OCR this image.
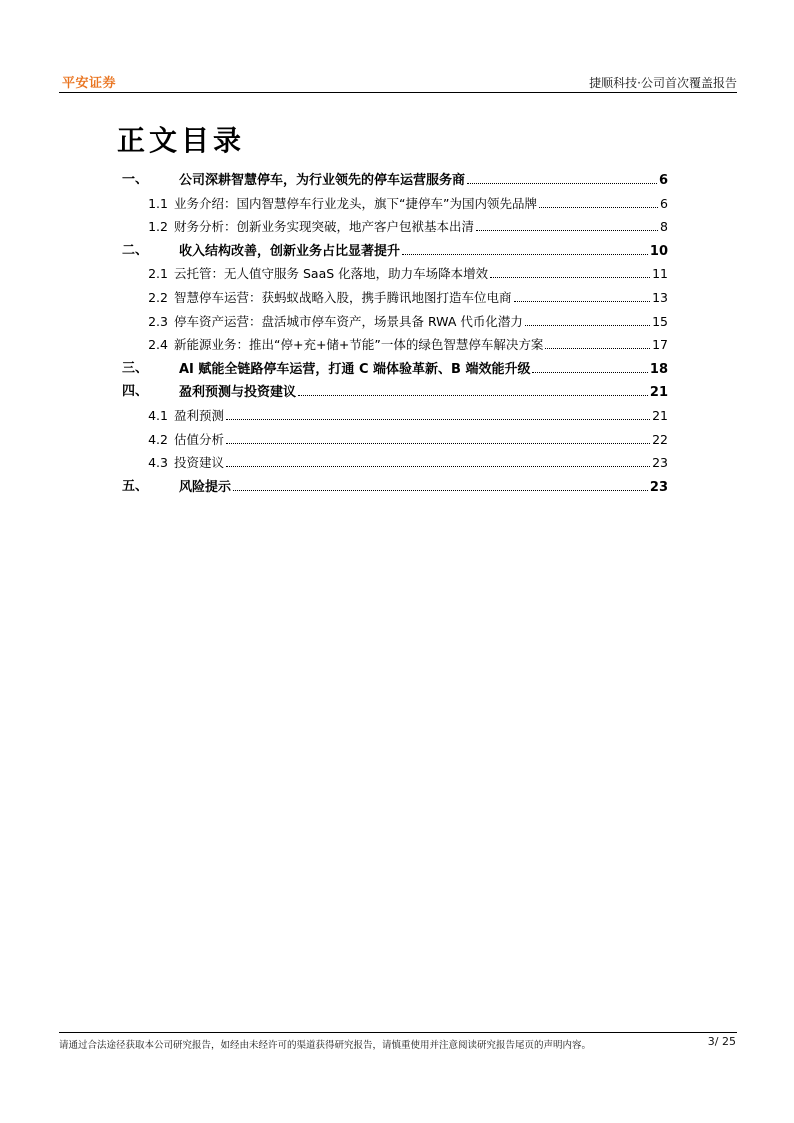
平安证券	捷顺科技·公司首次覆盖报告
正文目录
一、	公司深耕智慧停车，为行业领先的停车运营服务商	6
1.1 业务介绍：国内智慧停车行业龙头，旗下“捷停车”为国内领先品牌	6
1.2 财务分析：创新业务实现突破，地产客户包袱基本出清	8
二、	收入结构改善，创新业务占比显著提升	10
2.1 云托管：无人值守服务 SaaS 化落地，助力车场降本增效	11
2.2 智慧停车运营：获蚂蚁战略入股，携手腾讯地图打造车位电商	13
2.3 停车资产运营：盘活城市停车资产，场景具备 RWA 代币化潜力	15
2.4 新能源业务：推出“停+充+储+节能”一体的绿色智慧停车解决方案	17
三、	AI 赋能全链路停车运营，打通 C 端体验革新、B 端效能升级	18
四、	盈利预测与投资建议	21
4.1 盈利预测	21
4.2 估值分析	22
4.3 投资建议	23
五、	风险提示	23
请通过合法途径获取本公司研究报告，如经由未经许可的渠道获得研究报告，请慎重使用并注意阅读研究报告尾页的声明内容。	3/ 25
